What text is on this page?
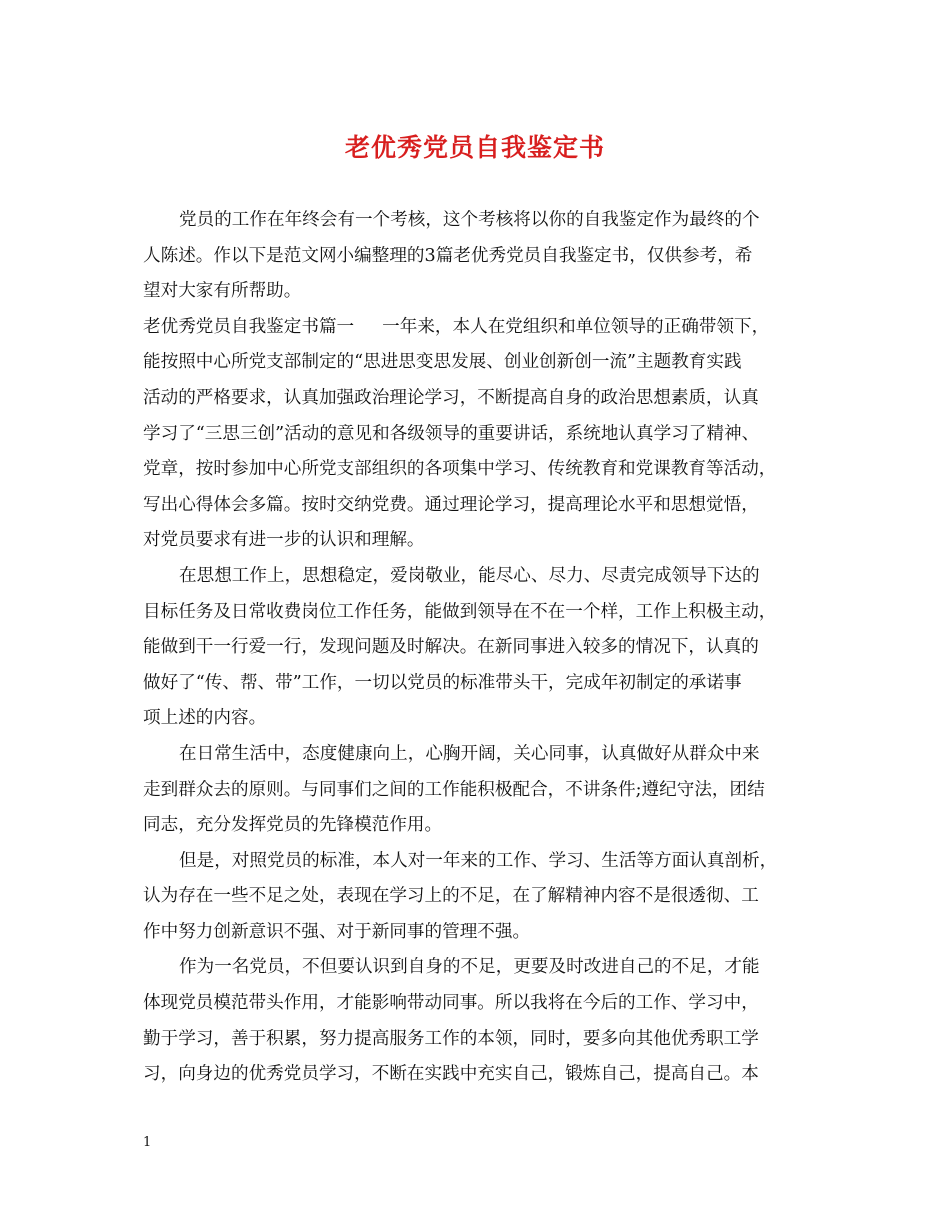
老优秀党员自我鉴定书
党员的工作在年终会有一个考核，这个考核将以你的自我鉴定作为最终的个
人陈述。作以下是范文网小编整理的3篇老优秀党员自我鉴定书，仅供参考，希
望对大家有所帮助。
老优秀党员自我鉴定书篇一 一年来，本人在党组织和单位领导的正确带领下，
能按照中心所党支部制定的“思进思变思发展、创业创新创一流”主题教育实践
活动的严格要求，认真加强政治理论学习，不断提高自身的政治思想素质，认真
学习了“三思三创”活动的意见和各级领导的重要讲话，系统地认真学习了精神、
党章，按时参加中心所党支部组织的各项集中学习、传统教育和党课教育等活动，
写出心得体会多篇。按时交纳党费。通过理论学习，提高理论水平和思想觉悟，
对党员要求有进一步的认识和理解。
在思想工作上，思想稳定，爱岗敬业，能尽心、尽力、尽责完成领导下达的
目标任务及日常收费岗位工作任务，能做到领导在不在一个样，工作上积极主动，
能做到干一行爱一行，发现问题及时解决。在新同事进入较多的情况下，认真的
做好了“传、帮、带”工作，一切以党员的标准带头干，完成年初制定的承诺事
项上述的内容。
在日常生活中，态度健康向上，心胸开阔，关心同事，认真做好从群众中来
走到群众去的原则。与同事们之间的工作能积极配合，不讲条件;遵纪守法，团结
同志，充分发挥党员的先锋模范作用。
但是，对照党员的标准，本人对一年来的工作、学习、生活等方面认真剖析，
认为存在一些不足之处，表现在学习上的不足，在了解精神内容不是很透彻、工
作中努力创新意识不强、对于新同事的管理不强。
作为一名党员，不但要认识到自身的不足，更要及时改进自己的不足，才能
体现党员模范带头作用，才能影响带动同事。所以我将在今后的工作、学习中，
勤于学习，善于积累，努力提高服务工作的本领，同时，要多向其他优秀职工学
习，向身边的优秀党员学习，不断在实践中充实自己，锻炼自己，提高自己。本
1
